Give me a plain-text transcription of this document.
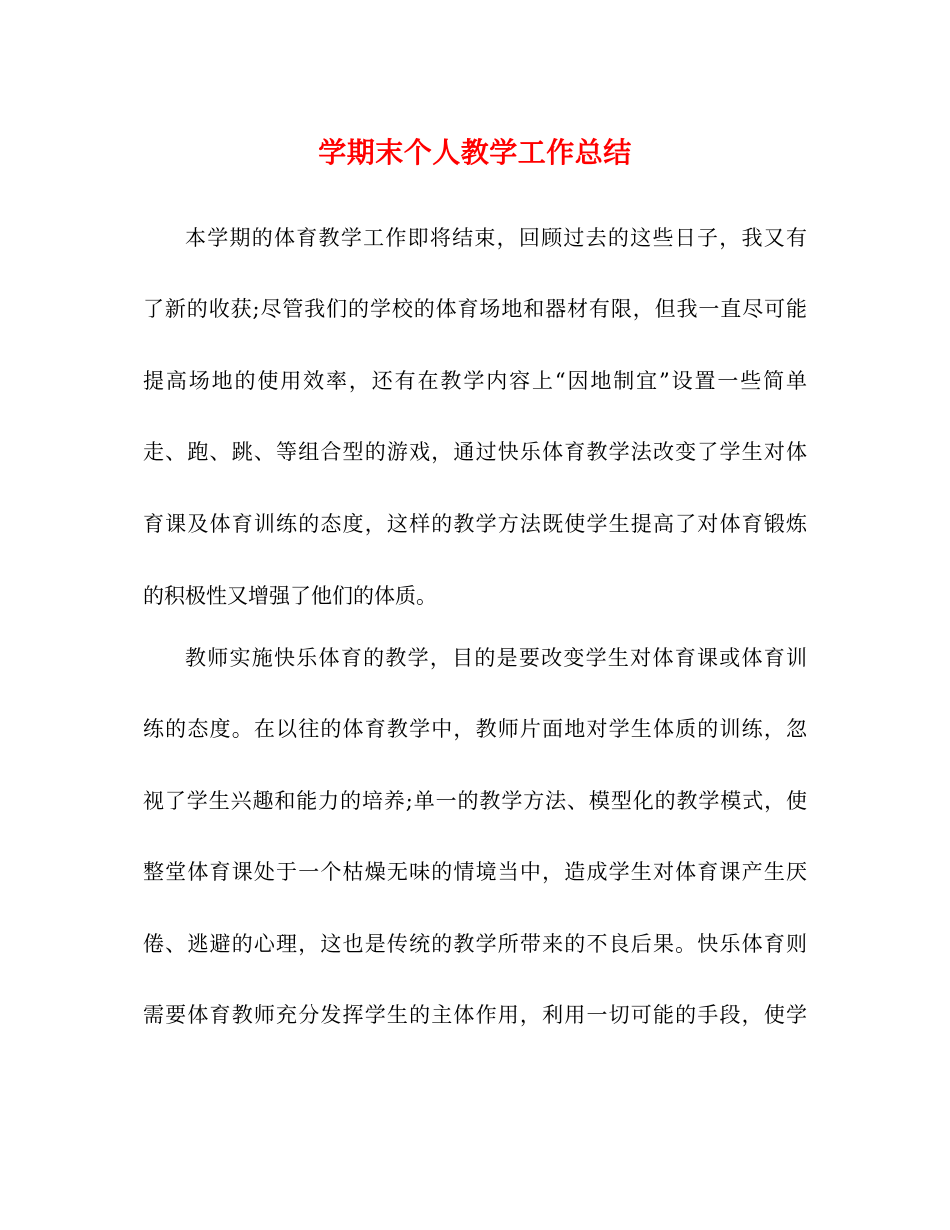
学期末个人教学工作总结

本学期的体育教学工作即将结束，回顾过去的这些日子，我又有

了新的收获;尽管我们的学校的体育场地和器材有限，但我一直尽可能

提高场地的使用效率，还有在教学内容上“因地制宜”设置一些简单

走、跑、跳、等组合型的游戏，通过快乐体育教学法改变了学生对体

育课及体育训练的态度，这样的教学方法既使学生提高了对体育锻炼

的积极性又增强了他们的体质。

教师实施快乐体育的教学，目的是要改变学生对体育课或体育训

练的态度。在以往的体育教学中，教师片面地对学生体质的训练，忽

视了学生兴趣和能力的培养;单一的教学方法、模型化的教学模式，使

整堂体育课处于一个枯燥无味的情境当中，造成学生对体育课产生厌

倦、逃避的心理，这也是传统的教学所带来的不良后果。快乐体育则

需要体育教师充分发挥学生的主体作用，利用一切可能的手段，使学
